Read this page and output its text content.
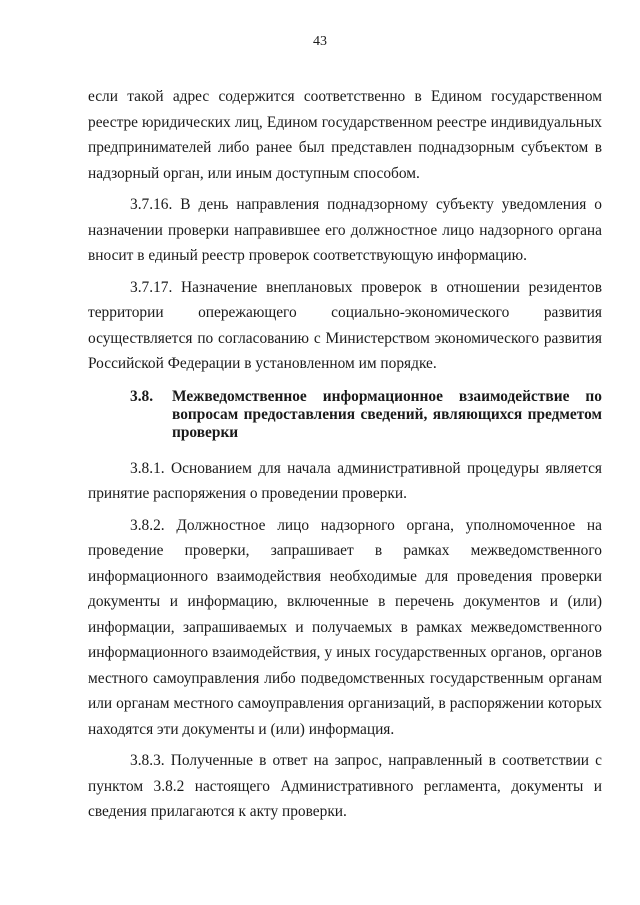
43

если такой адрес содержится соответственно в Едином государственном реестре юридических лиц, Едином государственном реестре индивидуальных предпринимателей либо ранее был представлен поднадзорным субъектом в надзорный орган, или иным доступным способом.

3.7.16. В день направления поднадзорному субъекту уведомления о назначении проверки направившее его должностное лицо надзорного органа вносит в единый реестр проверок соответствующую информацию.

3.7.17. Назначение внеплановых проверок в отношении резидентов территории опережающего социально-экономического развития осуществляется по согласованию с Министерством экономического развития Российской Федерации в установленном им порядке.

3.8.	Межведомственное информационное взаимодействие по вопросам предоставления сведений, являющихся предметом проверки

3.8.1. Основанием для начала административной процедуры является принятие распоряжения о проведении проверки.

3.8.2. Должностное лицо надзорного органа, уполномоченное на проведение проверки, запрашивает в рамках межведомственного информационного взаимодействия необходимые для проведения проверки документы и информацию, включенные в перечень документов и (или) информации, запрашиваемых и получаемых в рамках межведомственного информационного взаимодействия, у иных государственных органов, органов местного самоуправления либо подведомственных государственным органам или органам местного самоуправления организаций, в распоряжении которых находятся эти документы и (или) информация.

3.8.3. Полученные в ответ на запрос, направленный в соответствии с пунктом 3.8.2 настоящего Административного регламента, документы и сведения прилагаются к акту проверки.
